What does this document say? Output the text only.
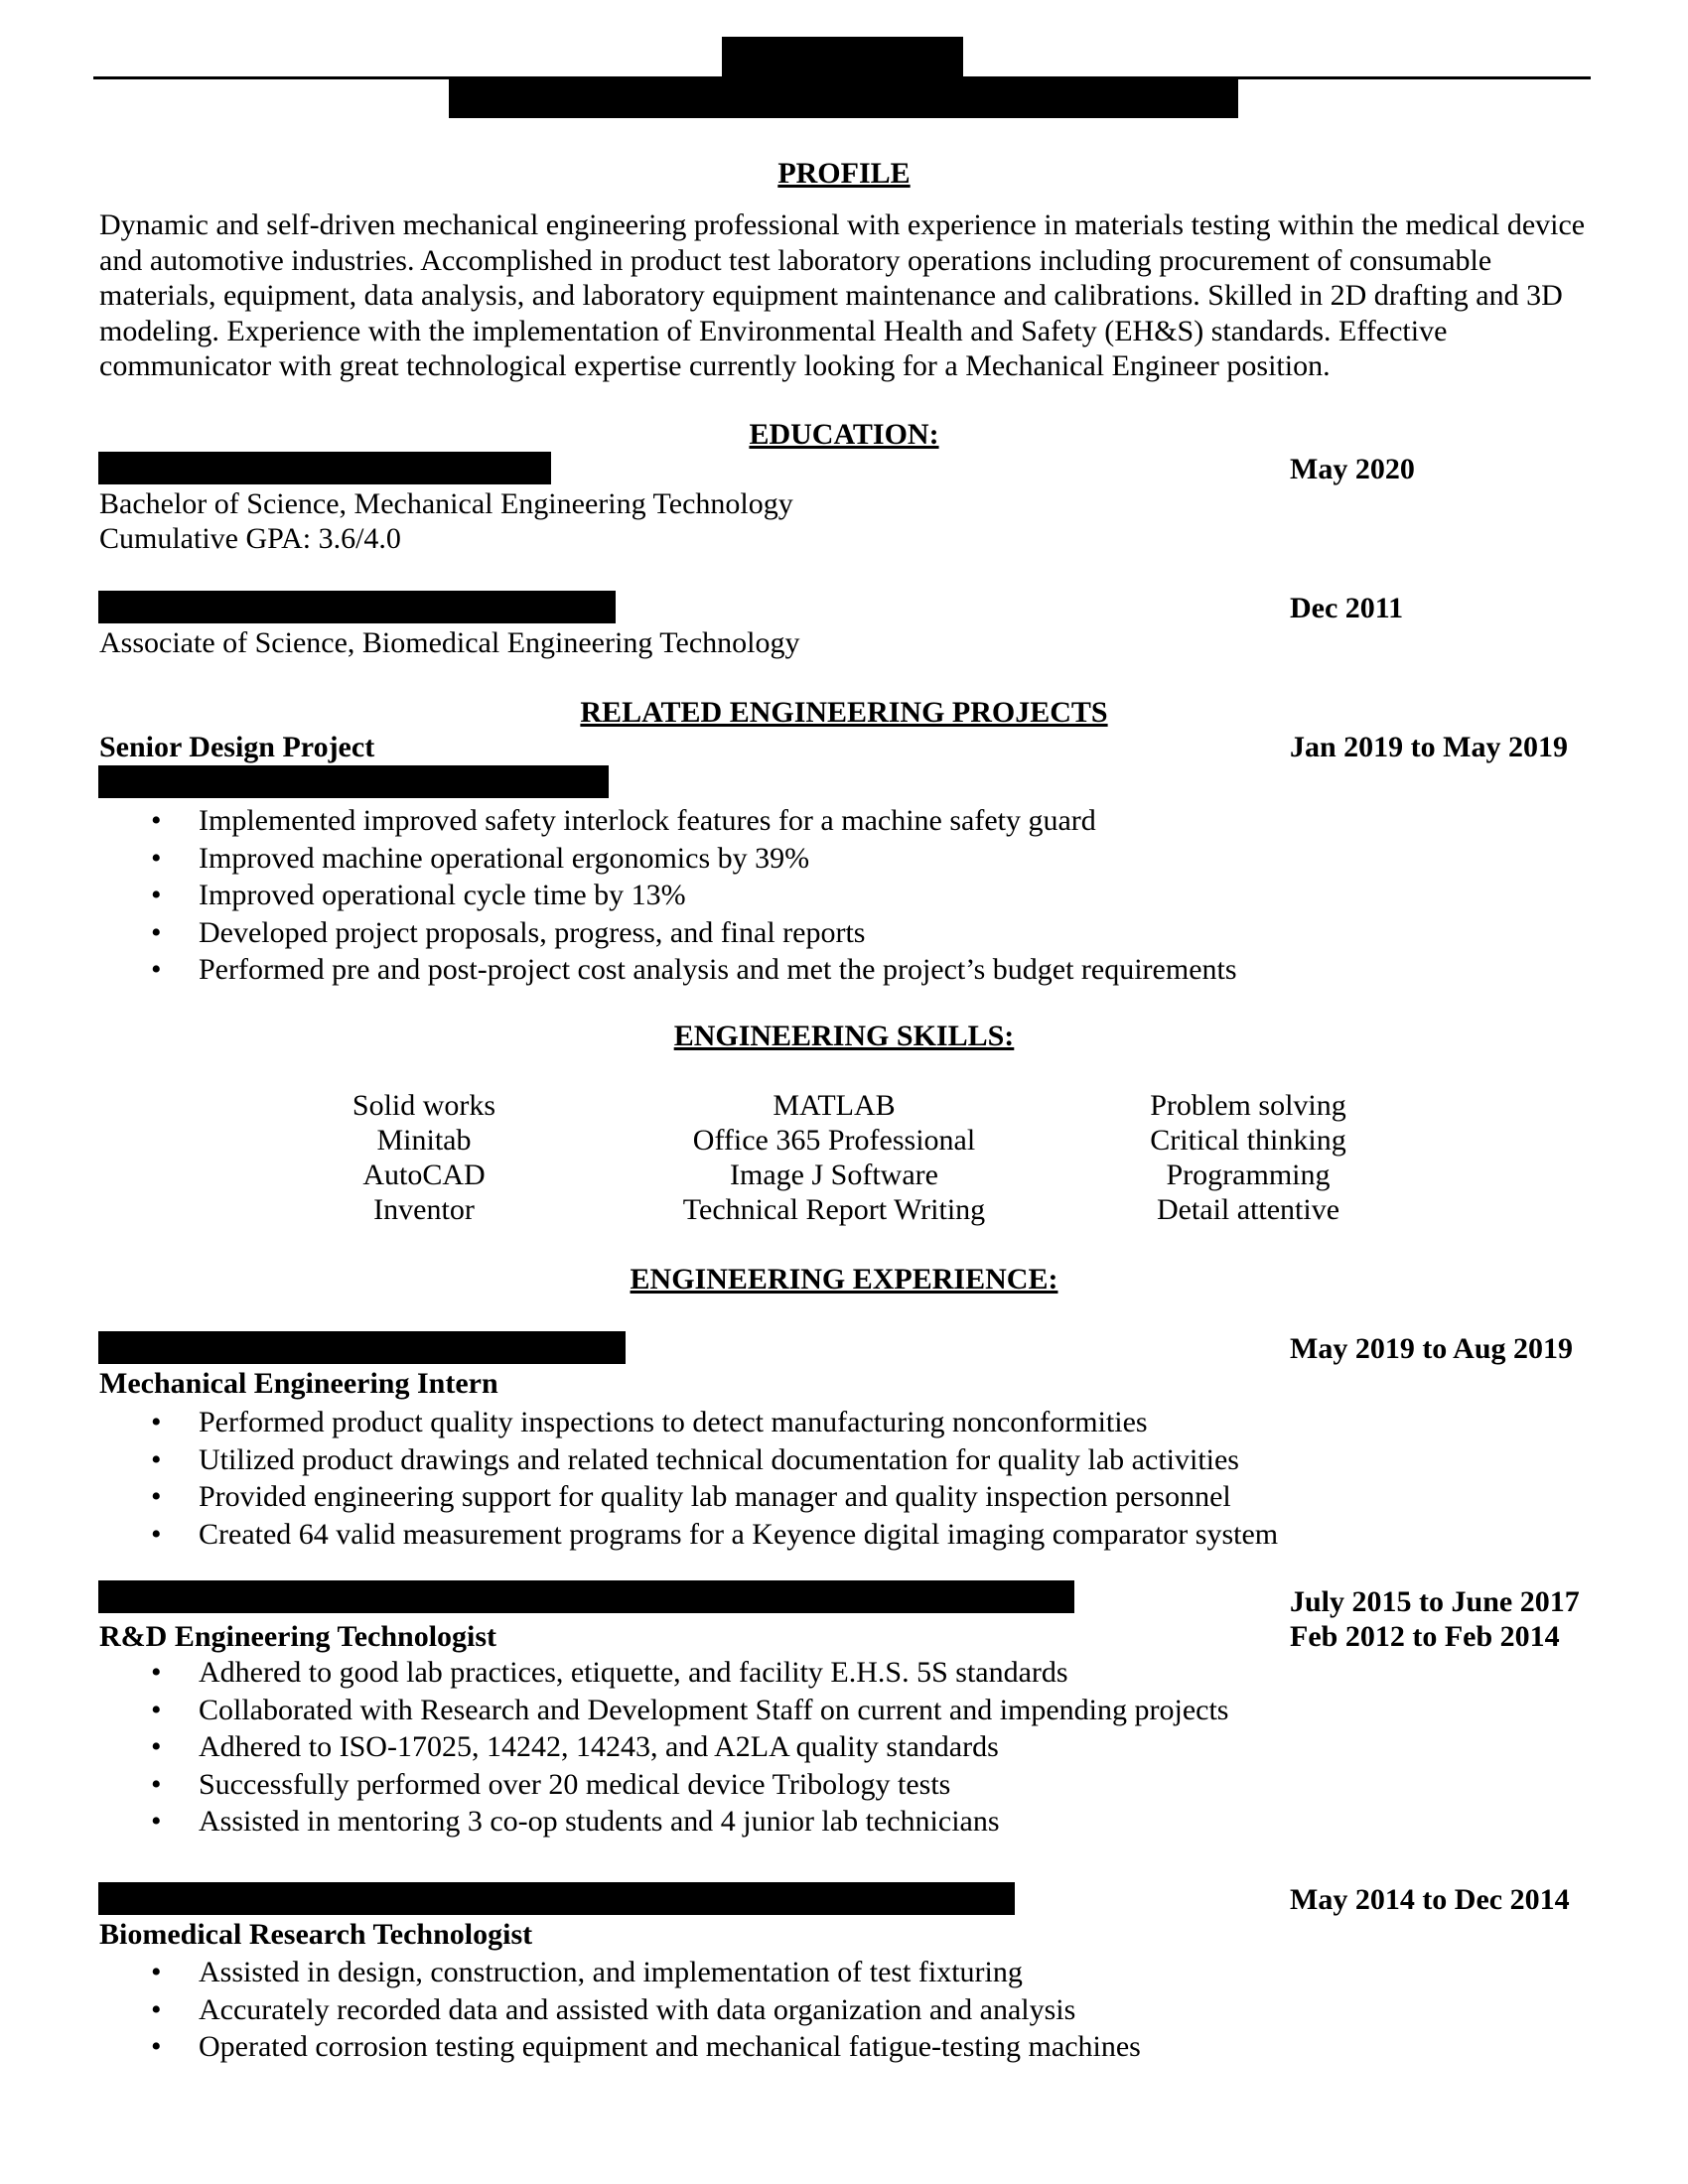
PROFILE
Dynamic and self-driven mechanical engineering professional with experience in materials testing within the medical device and automotive industries. Accomplished in product test laboratory operations including procurement of consumable materials, equipment, data analysis, and laboratory equipment maintenance and calibrations. Skilled in 2D drafting and 3D modeling. Experience with the implementation of Environmental Health and Safety (EH&S) standards. Effective communicator with great technological expertise currently looking for a Mechanical Engineer position.
EDUCATION:
May 2020
Bachelor of Science, Mechanical Engineering Technology
Cumulative GPA: 3.6/4.0
Dec 2011
Associate of Science, Biomedical Engineering Technology
RELATED ENGINEERING PROJECTS
Senior Design Project	Jan 2019 to May 2019
• Implemented improved safety interlock features for a machine safety guard
• Improved machine operational ergonomics by 39%
• Improved operational cycle time by 13%
• Developed project proposals, progress, and final reports
• Performed pre and post-project cost analysis and met the project’s budget requirements
ENGINEERING SKILLS:
Solid works
Minitab
AutoCAD
Inventor
MATLAB
Office 365 Professional
Image J Software
Technical Report Writing
Problem solving
Critical thinking
Programming
Detail attentive
ENGINEERING EXPERIENCE:
May 2019 to Aug 2019
Mechanical Engineering Intern
• Performed product quality inspections to detect manufacturing nonconformities
• Utilized product drawings and related technical documentation for quality lab activities
• Provided engineering support for quality lab manager and quality inspection personnel
• Created 64 valid measurement programs for a Keyence digital imaging comparator system
July 2015 to June 2017
Feb 2012 to Feb 2014
R&D Engineering Technologist
• Adhered to good lab practices, etiquette, and facility E.H.S. 5S standards
• Collaborated with Research and Development Staff on current and impending projects
• Adhered to ISO-17025, 14242, 14243, and A2LA quality standards
• Successfully performed over 20 medical device Tribology tests
• Assisted in mentoring 3 co-op students and 4 junior lab technicians
May 2014 to Dec 2014
Biomedical Research Technologist
• Assisted in design, construction, and implementation of test fixturing
• Accurately recorded data and assisted with data organization and analysis
• Operated corrosion testing equipment and mechanical fatigue-testing machines
